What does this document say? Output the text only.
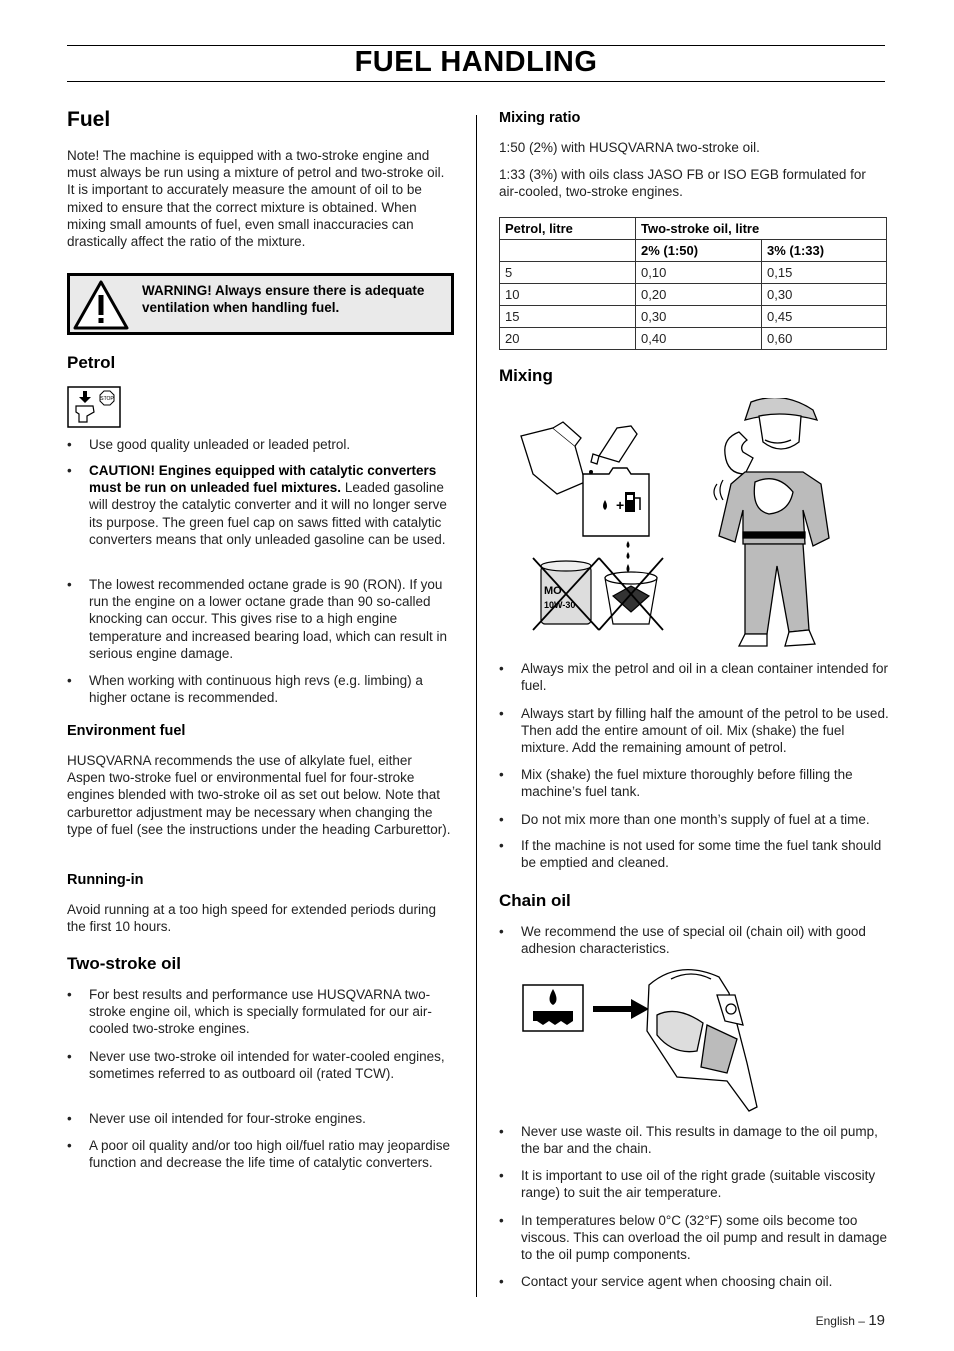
FUEL HANDLING
Fuel
Note! The machine is equipped with a two-stroke engine and must always be run using a mixture of petrol and two-stroke oil. It is important to accurately measure the amount of oil to be mixed to ensure that the correct mixture is obtained. When mixing small amounts of fuel, even small inaccuracies can drastically affect the ratio of the mixture.
WARNING! Always ensure there is adequate ventilation when handling fuel.
Petrol
STOP
• Use good quality unleaded or leaded petrol.
• CAUTION! Engines equipped with catalytic converters must be run on unleaded fuel mixtures. Leaded gasoline will destroy the catalytic converter and it will no longer serve its purpose. The green fuel cap on saws fitted with catalytic converters means that only unleaded gasoline can be used.
• The lowest recommended octane grade is 90 (RON). If you run the engine on a lower octane grade than 90 so-called knocking can occur. This gives rise to a high engine temperature and increased bearing load, which can result in serious engine damage.
• When working with continuous high revs (e.g. limbing) a higher octane is recommended.
Environment fuel
HUSQVARNA recommends the use of alkylate fuel, either Aspen two-stroke fuel or environmental fuel for four-stroke engines blended with two-stroke oil as set out below. Note that carburettor adjustment may be necessary when changing the type of fuel (see the instructions under the heading Carburettor).
Running-in
Avoid running at a too high speed for extended periods during the first 10 hours.
Two-stroke oil
• For best results and performance use HUSQVARNA two-stroke engine oil, which is specially formulated for our air-cooled two-stroke engines.
• Never use two-stroke oil intended for water-cooled engines, sometimes referred to as outboard oil (rated TCW).
• Never use oil intended for four-stroke engines.
• A poor oil quality and/or too high oil/fuel ratio may jeopardise function and decrease the life time of catalytic converters.
Mixing ratio
1:50 (2%) with HUSQVARNA two-stroke oil.
1:33 (3%) with oils class JASO FB or ISO EGB formulated for air-cooled, two-stroke engines.
Petrol, litre	Two-stroke oil, litre	
	2% (1:50)	3% (1:33)
5	0,10	0,15
10	0,20	0,30
15	0,30	0,45
20	0,40	0,60
Mixing
+
MO
10W-30
• Always mix the petrol and oil in a clean container intended for fuel.
• Always start by filling half the amount of the petrol to be used. Then add the entire amount of oil. Mix (shake) the fuel mixture. Add the remaining amount of petrol.
• Mix (shake) the fuel mixture thoroughly before filling the machine’s fuel tank.
• Do not mix more than one month’s supply of fuel at a time.
• If the machine is not used for some time the fuel tank should be emptied and cleaned.
Chain oil
• We recommend the use of special oil (chain oil) with good adhesion characteristics.
• Never use waste oil. This results in damage to the oil pump, the bar and the chain.
• It is important to use oil of the right grade (suitable viscosity range) to suit the air temperature.
• In temperatures below 0°C (32°F) some oils become too viscous. This can overload the oil pump and result in damage to the oil pump components.
• Contact your service agent when choosing chain oil.
English – 19
